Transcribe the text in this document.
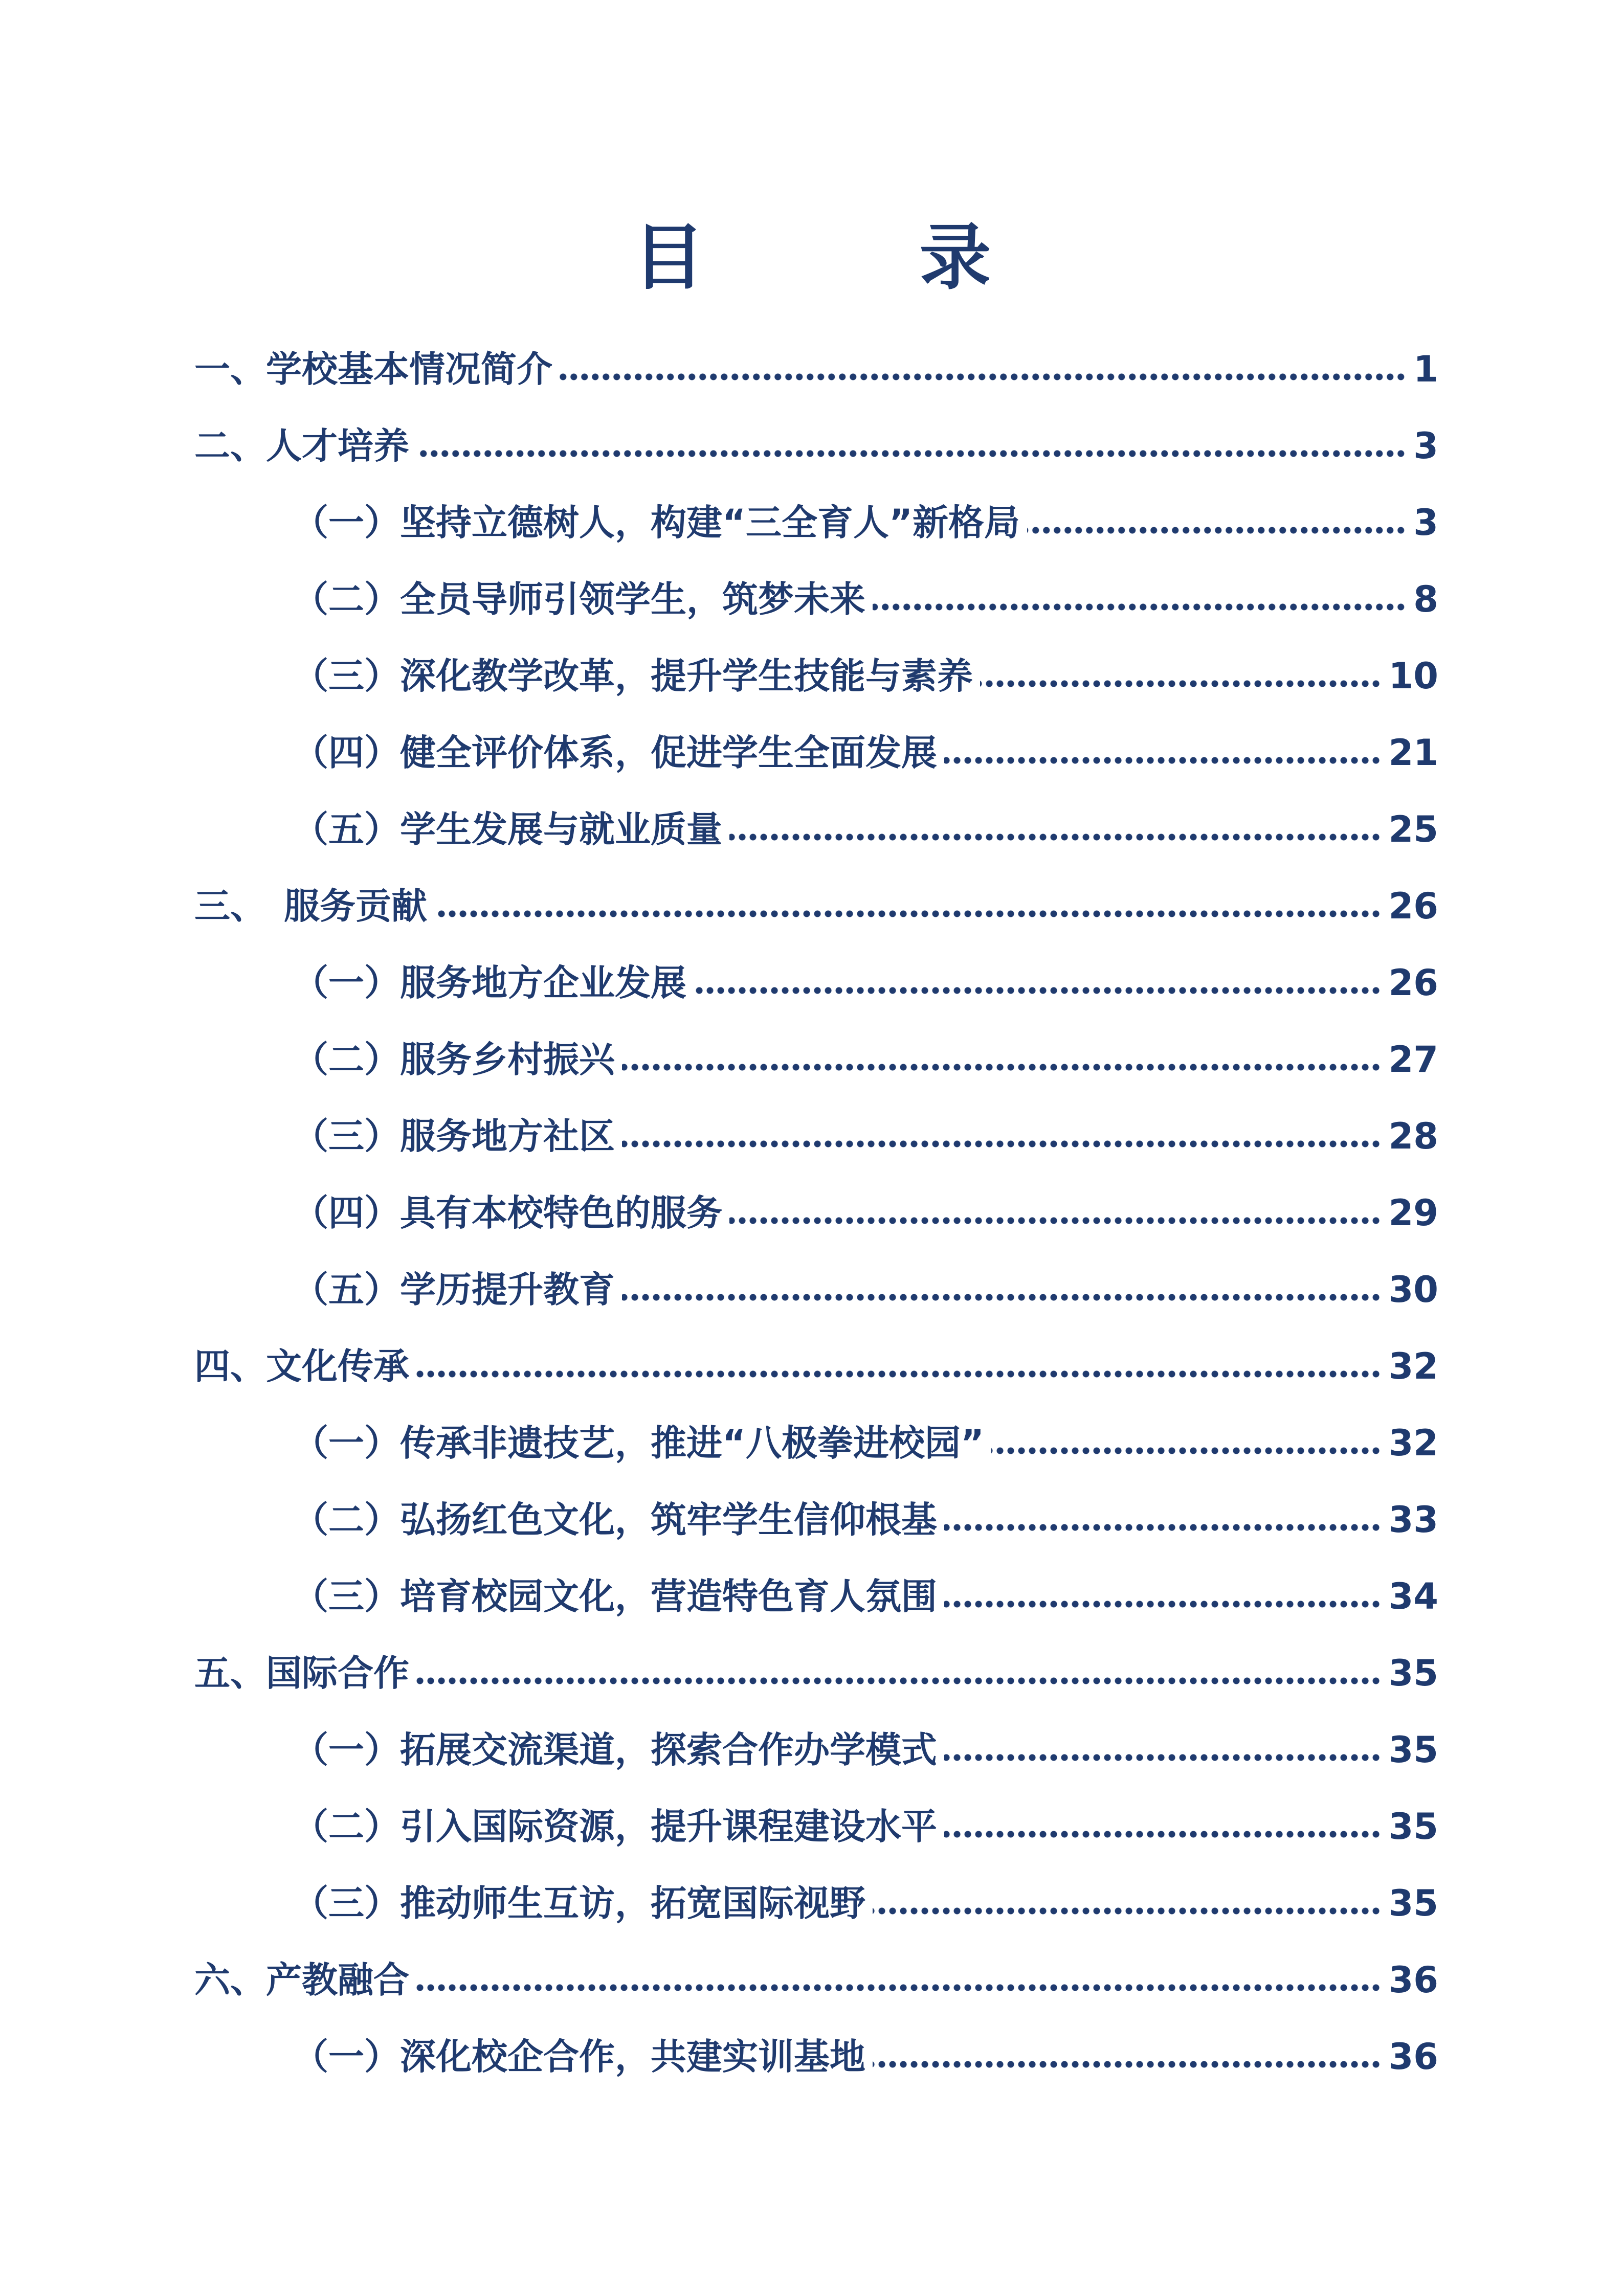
目　录
一、学校基本情况简介	1
二、人才培养	3
（一）坚持立德树人，构建“三全育人”新格局	3
（二）全员导师引领学生，筑梦未来	8
（三）深化教学改革，提升学生技能与素养	10
（四）健全评价体系，促进学生全面发展	21
（五）学生发展与就业质量	25
三、　服务贡献	26
（一）服务地方企业发展	26
（二）服务乡村振兴	27
（三）服务地方社区	28
（四）具有本校特色的服务	29
（五）学历提升教育	30
四、文化传承	32
（一）传承非遗技艺，推进“八极拳进校园”	32
（二）弘扬红色文化，筑牢学生信仰根基	33
（三）培育校园文化，营造特色育人氛围	34
五、国际合作	35
（一）拓展交流渠道，探索合作办学模式	35
（二）引入国际资源，提升课程建设水平	35
（三）推动师生互访，拓宽国际视野	35
六、产教融合	36
（一）深化校企合作，共建实训基地	36
